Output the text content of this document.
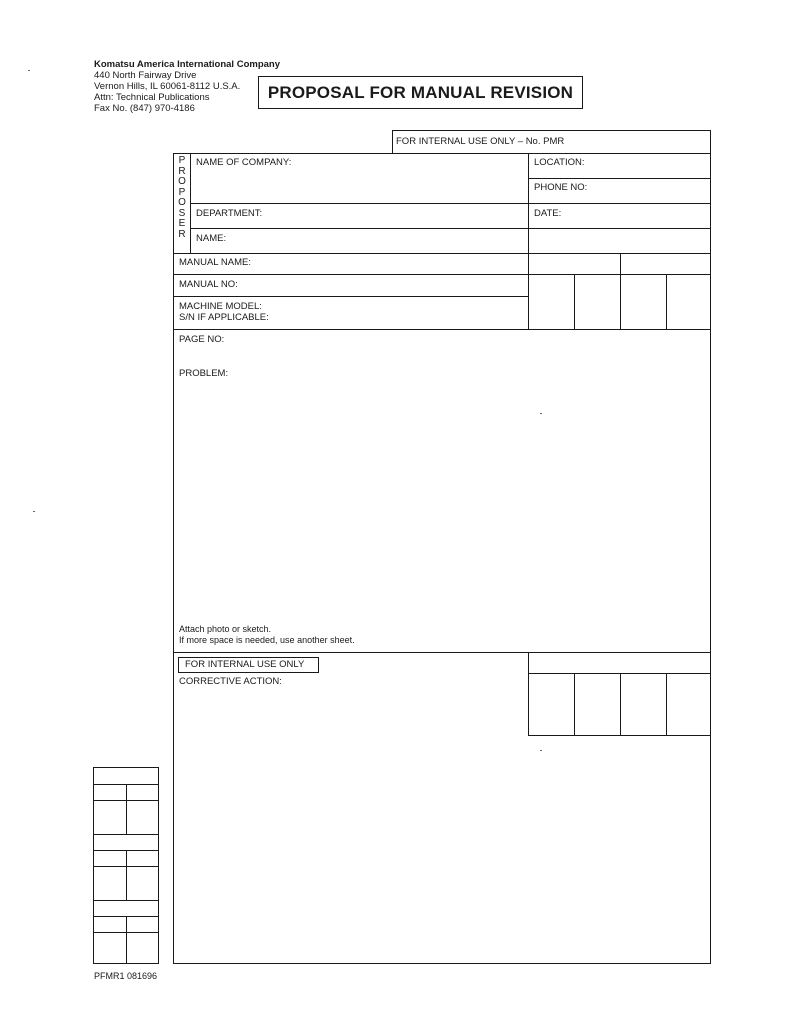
Komatsu America International Company
440 North Fairway Drive
Vernon Hills, IL 60061-8112 U.S.A.
Attn: Technical Publications
Fax No. (847) 970-4186
PROPOSAL FOR MANUAL REVISION
FOR INTERNAL USE ONLY – No. PMR
P
R
O
P
O
S
E
R
NAME OF COMPANY:	LOCATION:
PHONE NO:
DEPARTMENT:	DATE:
NAME:
MANUAL NAME:
MANUAL NO:
MACHINE MODEL:
S/N IF APPLICABLE:
PAGE NO:
PROBLEM:
Attach photo or sketch.
If more space is needed, use another sheet.
FOR INTERNAL USE ONLY
CORRECTIVE ACTION:
PFMR1 081696
